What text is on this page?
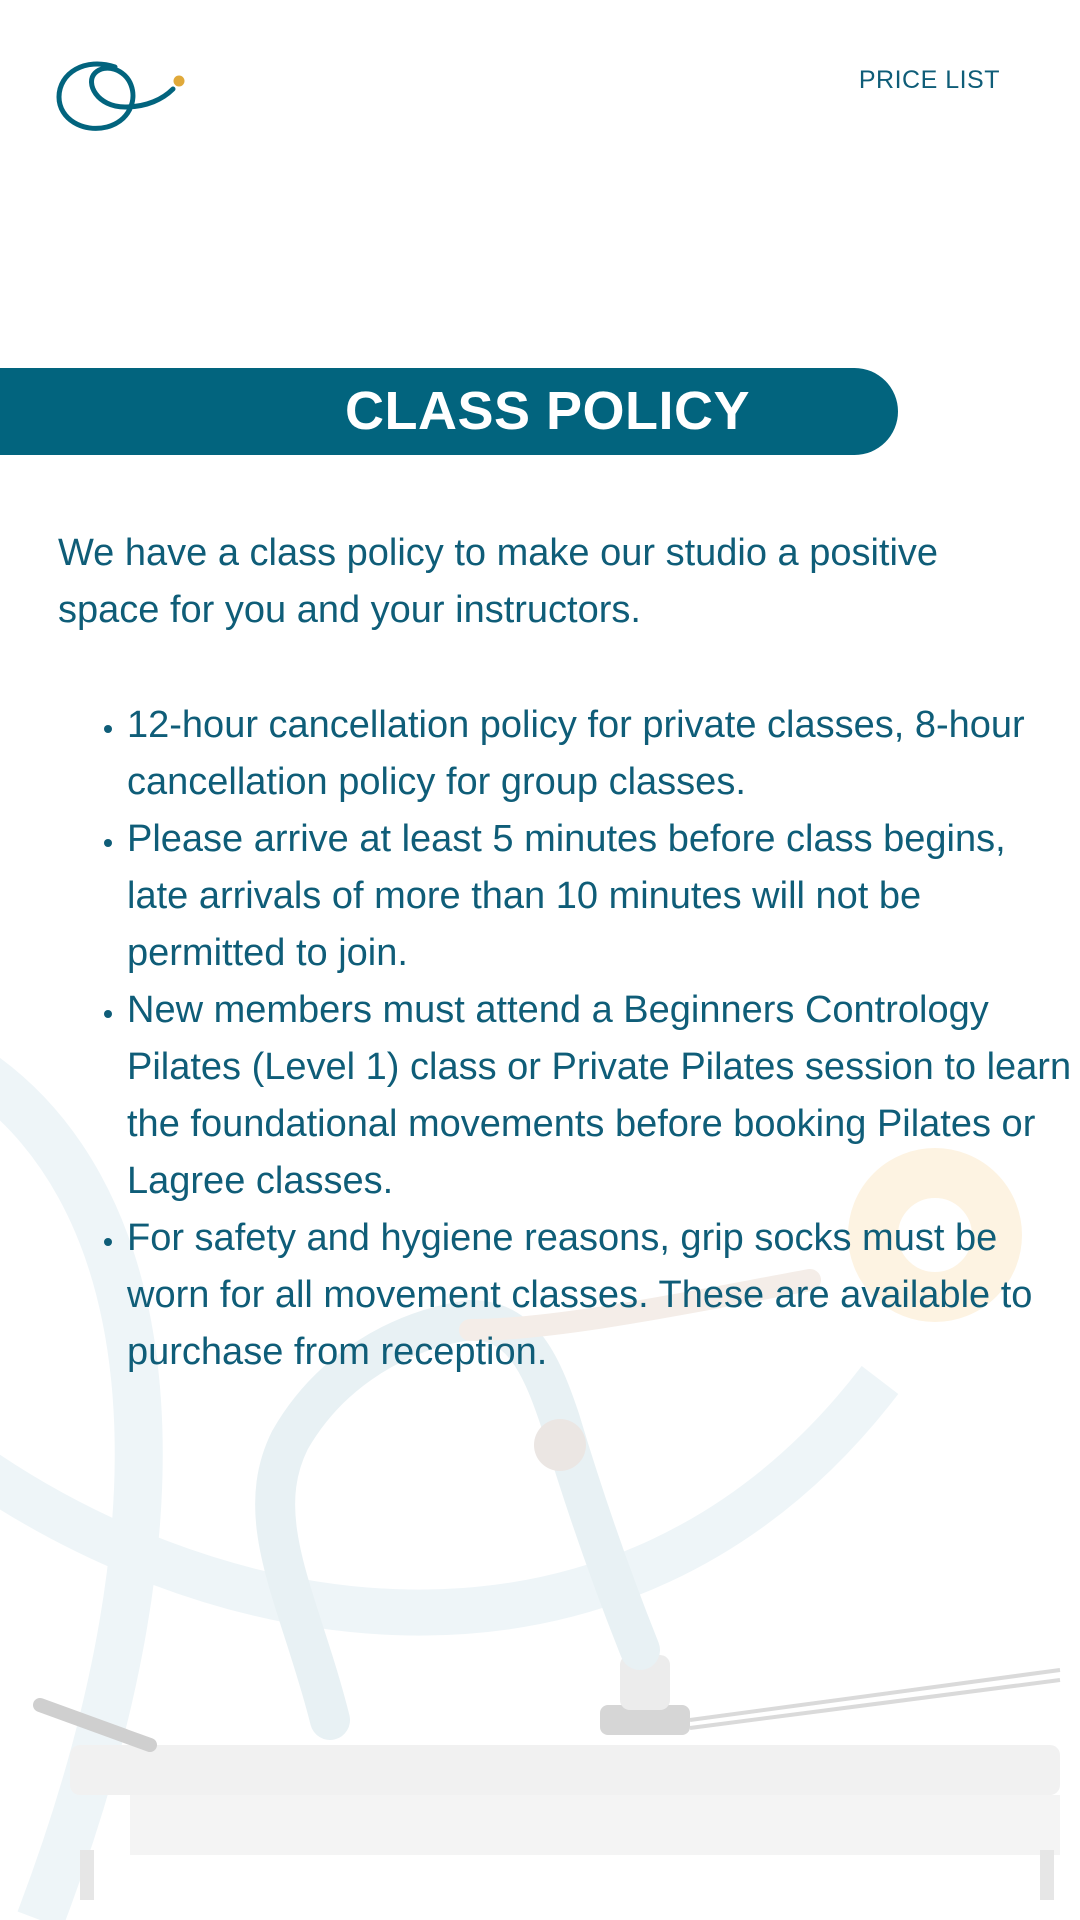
PRICE LIST
CLASS POLICY

We have a class policy to make our studio a positive space for you and your instructors.

• 12-hour cancellation policy for private classes, 8-hour cancellation policy for group classes.
• Please arrive at least 5 minutes before class begins, late arrivals of more than 10 minutes will not be permitted to join.
• New members must attend a Beginners Contrology Pilates (Level 1) class or Private Pilates session to learn the foundational movements before booking Pilates or Lagree classes.
• For safety and hygiene reasons, grip socks must be worn for all movement classes. These are available to purchase from reception.
